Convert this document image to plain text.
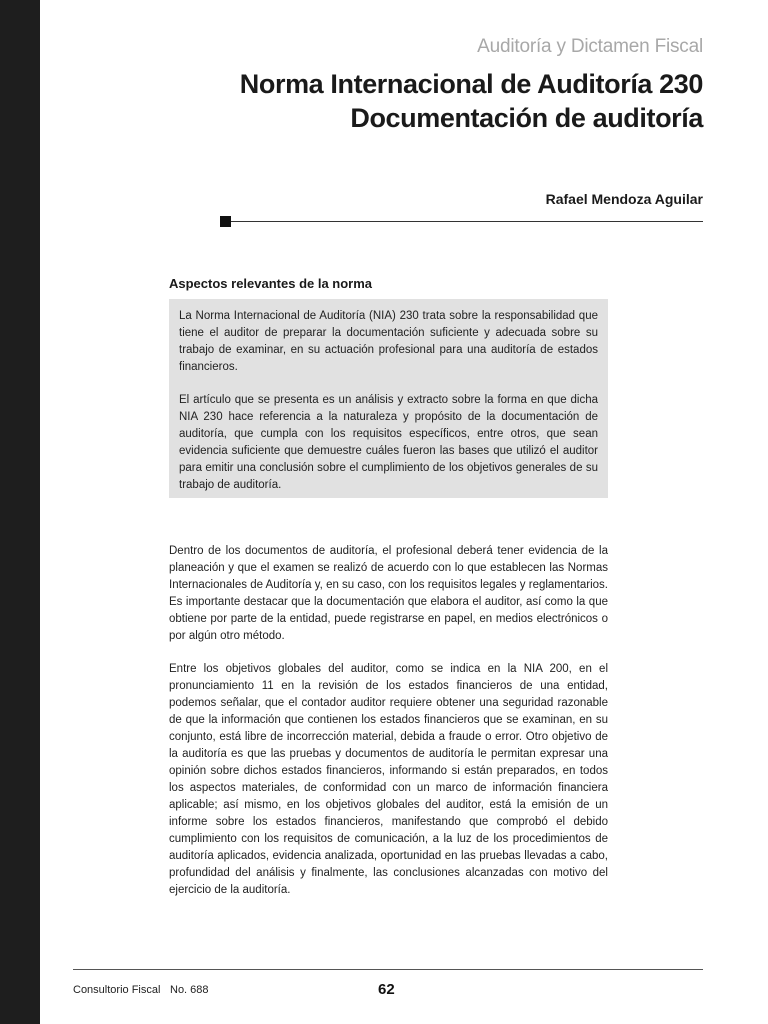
Auditoría y Dictamen Fiscal
Norma Internacional de Auditoría 230
Documentación de auditoría
Rafael Mendoza Aguilar
Aspectos relevantes de la norma

La Norma Internacional de Auditoría (NIA) 230 trata sobre la responsabilidad que tiene el auditor de preparar la documentación suficiente y adecuada sobre su trabajo de examinar, en su actuación profesional para una auditoría de estados financieros.

El artículo que se presenta es un análisis y extracto sobre la forma en que dicha NIA 230 hace referencia a la naturaleza y propósito de la documentación de auditoría, que cumpla con los requisitos específicos, entre otros, que sean evidencia suficiente que demuestre cuáles fueron las bases que utilizó el auditor para emitir una conclusión sobre el cumplimiento de los objetivos generales de su trabajo de auditoría.

Dentro de los documentos de auditoría, el profesional deberá tener evidencia de la planeación y que el examen se realizó de acuerdo con lo que establecen las Normas Internacionales de Auditoría y, en su caso, con los requisitos legales y reglamentarios. Es importante destacar que la documentación que elabora el auditor, así como la que obtiene por parte de la entidad, puede registrarse en papel, en medios electrónicos o por algún otro método.

Entre los objetivos globales del auditor, como se indica en la NIA 200, en el pronunciamiento 11 en la revisión de los estados financieros de una entidad, podemos señalar, que el contador auditor requiere obtener una seguridad razonable de que la información que contienen los estados financieros que se examinan, en su conjunto, está libre de incorrección material, debida a fraude o error. Otro objetivo de la auditoría es que las pruebas y documentos de auditoría le permitan expresar una opinión sobre dichos estados financieros, informando si están preparados, en todos los aspectos materiales, de conformidad con un marco de información financiera aplicable; así mismo, en los objetivos globales del auditor, está la emisión de un informe sobre los estados financieros, manifestando que comprobó el debido cumplimiento con los requisitos de comunicación, a la luz de los procedimientos de auditoría aplicados, evidencia analizada, oportunidad en las pruebas llevadas a cabo, profundidad del análisis y finalmente, las conclusiones alcanzadas con motivo del ejercicio de la auditoría.

Consultorio Fiscal No. 688	62
